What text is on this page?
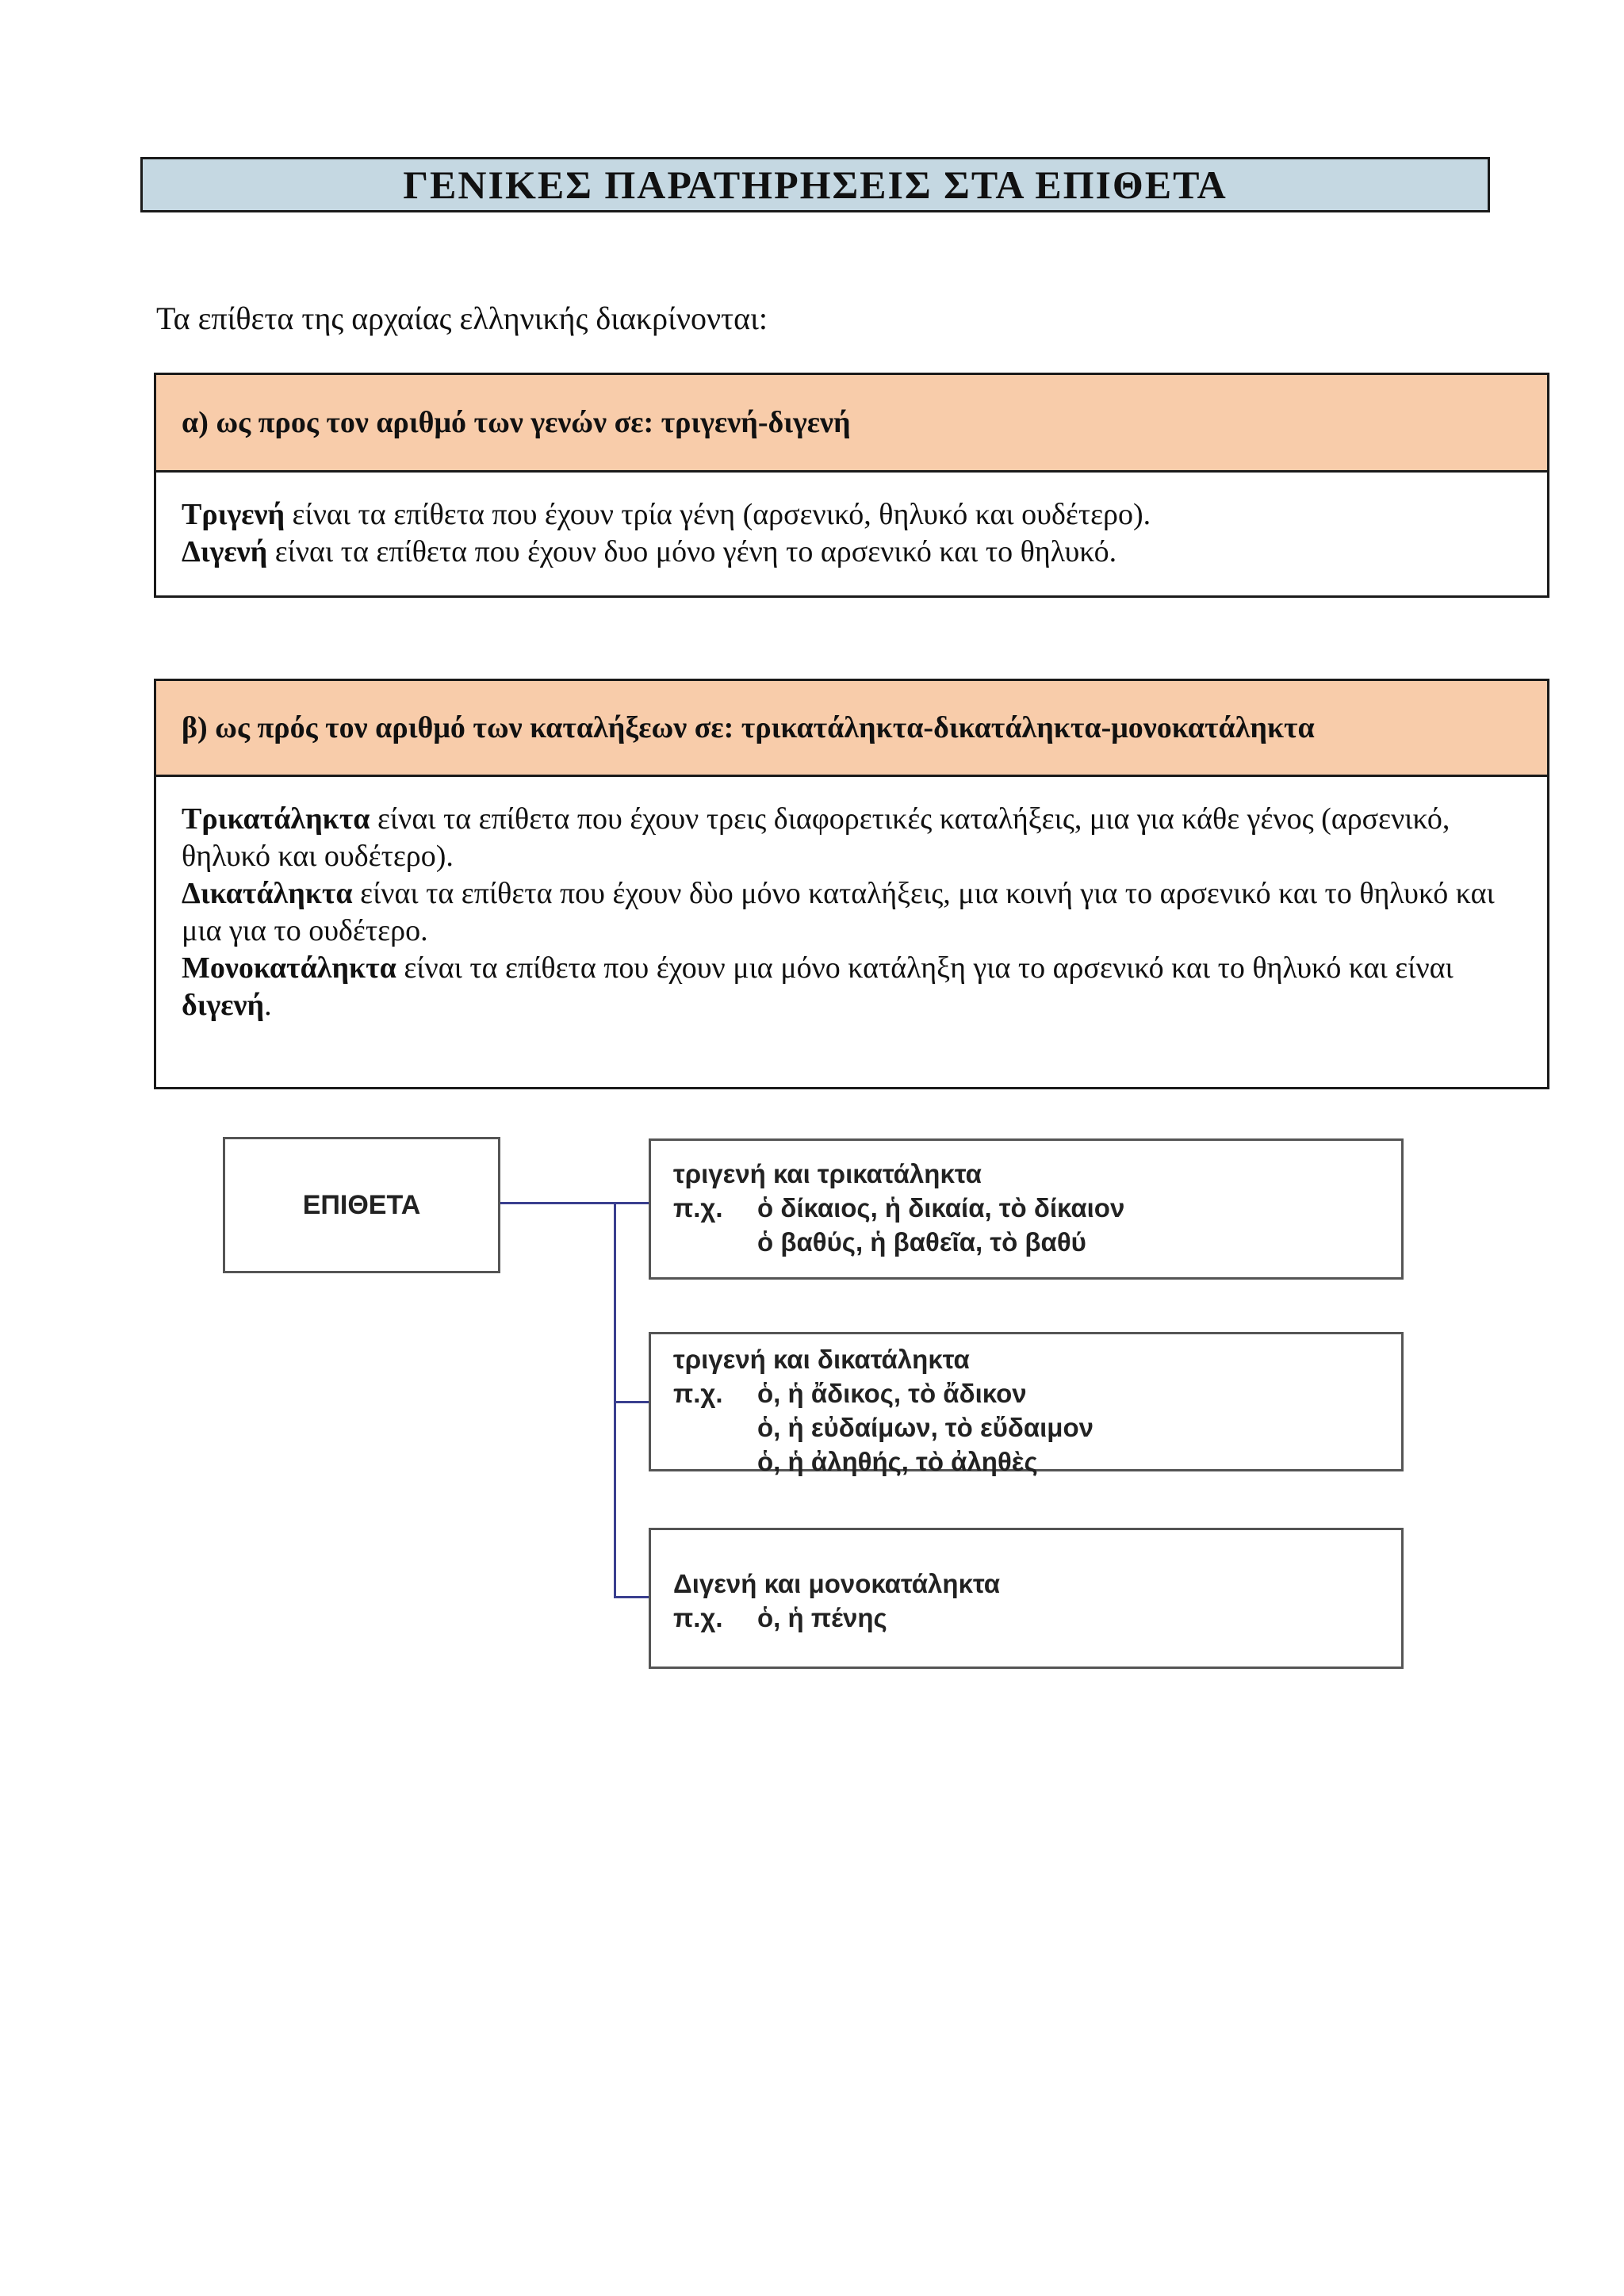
ΓΕΝΙΚΕΣ ΠΑΡΑΤΗΡΗΣΕΙΣ ΣΤΑ ΕΠΙΘΕΤΑ
Τα επίθετα της αρχαίας ελληνικής διακρίνονται:
α) ως προς τον αριθμό των γενών σε: τριγενή-διγενή
Τριγενή είναι τα επίθετα που έχουν τρία γένη (αρσενικό, θηλυκό και ουδέτερο).
Διγενή είναι τα επίθετα που έχουν δυο μόνο γένη το αρσενικό και το θηλυκό.
β) ως πρός τον αριθμό των καταλήξεων σε: τρικατάληκτα-δικατάληκτα-μονοκατάληκτα
Τρικατάληκτα είναι τα επίθετα που έχουν τρεις διαφορετικές καταλήξεις, μια για κάθε γένος (αρσενικό, θηλυκό και ουδέτερο).
Δικατάληκτα είναι τα επίθετα που έχουν δὺο μόνο καταλήξεις, μια κοινή για το αρσενικό και το θηλυκό και μια για το ουδέτερο.
Μονοκατάληκτα είναι τα επίθετα που έχουν μια μόνο κατάληξη για το αρσενικό και το θηλυκό και είναι διγενή.
ΕΠΙΘΕΤΑ
τριγενή και τρικατάληκτα
π.χ.	ὁ δίκαιος, ἡ δικαία, τὸ δίκαιον
ὁ βαθύς, ἡ βαθεῖα, τὸ βαθύ
τριγενή και δικατάληκτα
π.χ.	ὁ, ἡ ἄδικος, τὸ ἄδικον
ὁ, ἡ εὐδαίμων, τὸ εὔδαιμον
ὁ, ἡ ἀληθής, τὸ ἀληθὲς
Διγενή και μονοκατάληκτα
π.χ.	ὁ, ἡ πένης
